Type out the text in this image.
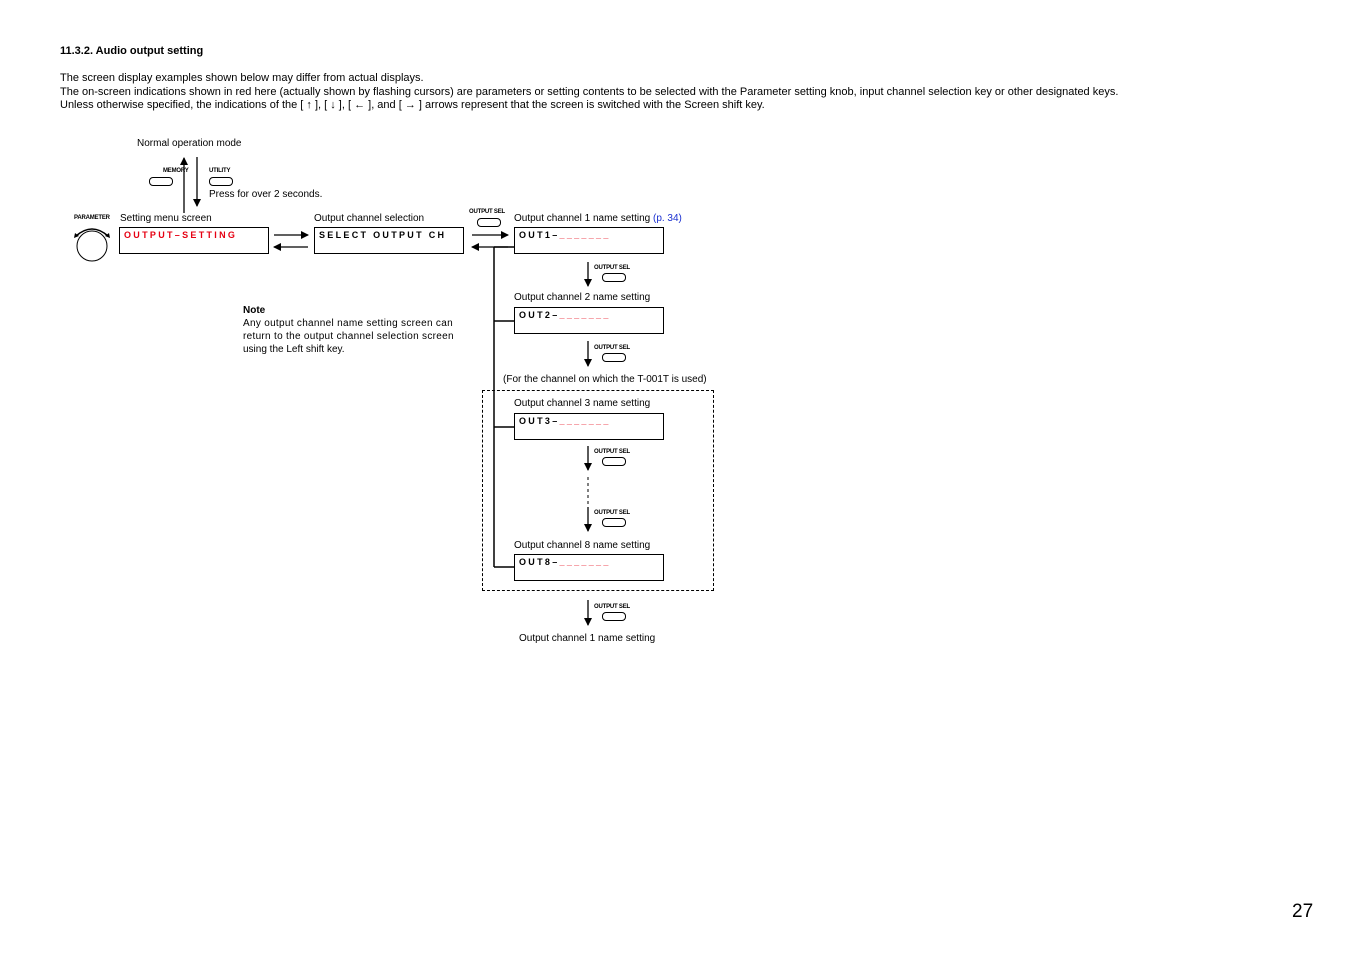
11.3.2. Audio output setting
The screen display examples shown below may differ from actual displays.
The on-screen indications shown in red here (actually shown by flashing cursors) are parameters or setting contents to be selected with the Parameter setting knob, input channel selection key or other designated keys.
Unless otherwise specified, the indications of the [ ↑ ], [ ↓ ], [ ← ], and [ → ] arrows represent that the screen is switched with the Screen shift key.
Normal operation mode
MEMORY	UTILITY
Press for over 2 seconds.
PARAMETER Setting menu screen
OUTPUT–SETTING
Output channel selection
SELECT OUTPUT CH
OUTPUT SEL
Output channel 1 name setting (p. 34)
OUT1–_______
OUTPUT SEL
Output channel 2 name setting
OUT2–_______
OUTPUT SEL
Note
Any output channel name setting screen can
return to the output channel selection screen
using the Left shift key.
(For the channel on which the T-001T is used)
Output channel 3 name setting
OUT3–_______
OUTPUT SEL
OUTPUT SEL
Output channel 8 name setting
OUT8–_______
OUTPUT SEL
Output channel 1 name setting
27
